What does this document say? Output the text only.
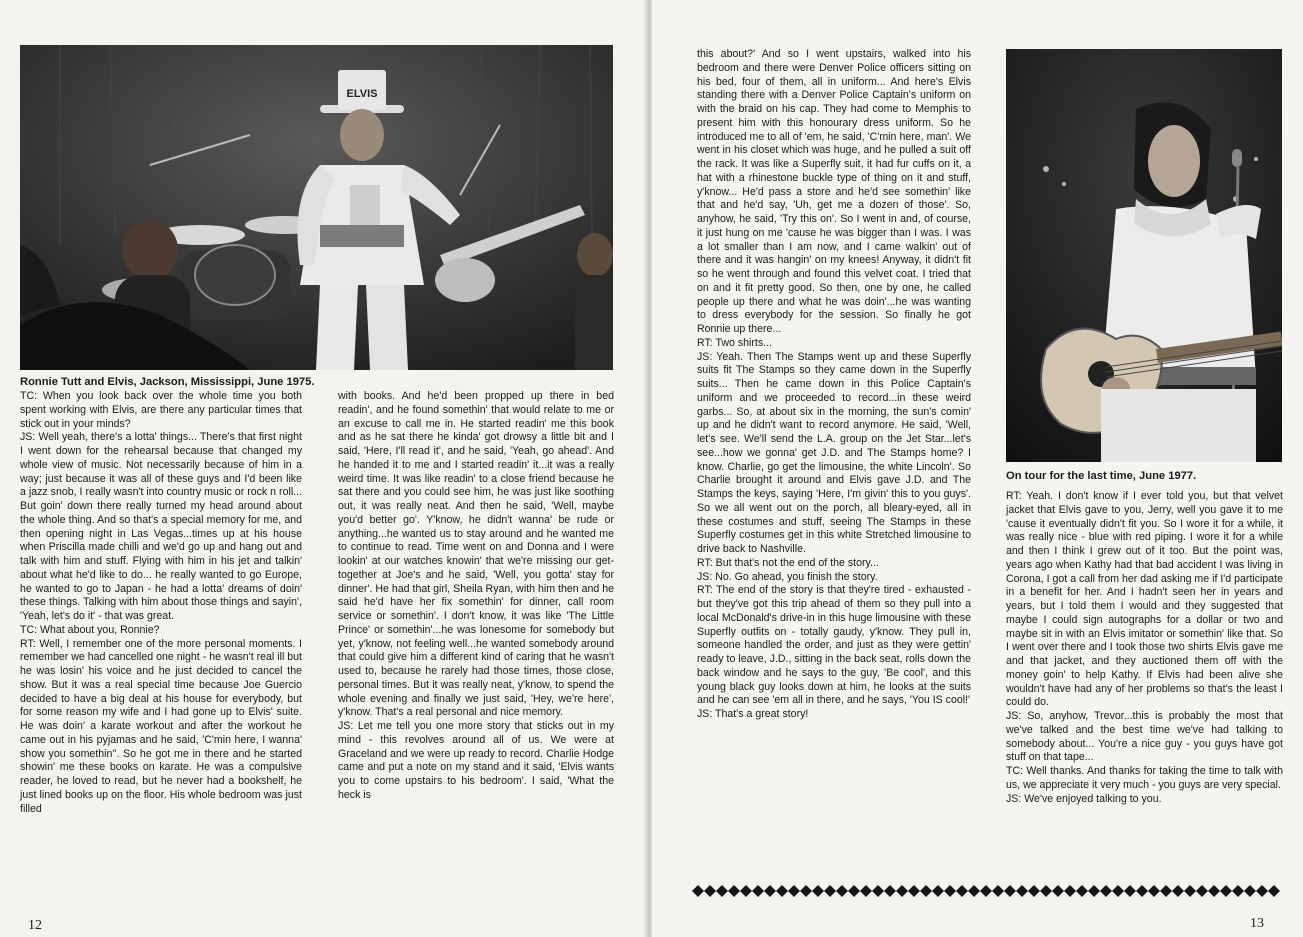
ELVIS
Ronnie Tutt and Elvis, Jackson, Mississippi, June 1975.

TC: When you look back over the whole time you both spent working with Elvis, are there any particular times that stick out in your minds?

JS: Well yeah, there's a lotta' things... There's that first night I went down for the rehearsal because that changed my whole view of music. Not necessarily because of him in a way; just because it was all of these guys and I'd been like a jazz snob, I really wasn't into country music or rock n roll... But goin' down there really turned my head around about the whole thing. And so that's a special memory for me, and then opening night in Las Vegas...times up at his house when Priscilla made chilli and we'd go up and hang out and talk with him and stuff. Flying with him in his jet and talkin' about what he'd like to do... he really wanted to go Europe, he wanted to go to Japan - he had a lotta' dreams of doin' these things. Talking with him about those things and sayin', 'Yeah, let's do it' - that was great.

TC: What about you, Ronnie?

RT: Well, I remember one of the more personal moments. I remember we had cancelled one night - he wasn't real ill but he was losin' his voice and he just decided to cancel the show. But it was a real special time because Joe Guercio decided to have a big deal at his house for everybody, but for some reason my wife and I had gone up to Elvis' suite. He was doin' a karate workout and after the workout he came out in his pyjamas and he said, 'C'min here, I wanna' show you somethin''. So he got me in there and he started showin' me these books on karate. He was a compulsive reader, he loved to read, but he never had a bookshelf, he just lined books up on the floor. His whole bedroom was just filled

with books. And he'd been propped up there in bed readin', and he found somethin' that would relate to me or an excuse to call me in. He started readin' me this book and as he sat there he kinda' got drowsy a little bit and I said, 'Here, I'll read it', and he said, 'Yeah, go ahead'. And he handed it to me and I started readin' it...it was a really weird time. It was like readin' to a close friend because he sat there and you could see him, he was just like soothing out, it was really neat. And then he said, 'Well, maybe you'd better go'. Y'know, he didn't wanna' be rude or anything...he wanted us to stay around and he wanted me to continue to read. Time went on and Donna and I were lookin' at our watches knowin' that we're missing our get-together at Joe's and he said, 'Well, you gotta' stay for dinner'. He had that girl, Sheila Ryan, with him then and he said he'd have her fix somethin' for dinner, call room service or somethin'. I don't know, it was like 'The Little Prince' or somethin'...he was lonesome for somebody but yet, y'know, not feeling well...he wanted somebody around that could give him a different kind of caring that he wasn't used to, because he rarely had those times, those close, personal times. But it was really neat, y'know, to spend the whole evening and finally we just said, 'Hey, we're here', y'know. That's a real personal and nice memory.

JS: Let me tell you one more story that sticks out in my mind - this revolves around all of us. We were at Graceland and we were up ready to record. Charlie Hodge came and put a note on my stand and it said, 'Elvis wants you to come upstairs to his bedroom'. I said, 'What the heck is

12

this about?' And so I went upstairs, walked into his bedroom and there were Denver Police officers sitting on his bed, four of them, all in uniform... And here's Elvis standing there with a Denver Police Captain's uniform on with the braid on his cap. They had come to Memphis to present him with this honourary dress uniform. So he introduced me to all of 'em, he said, 'C'min here, man'. We went in his closet which was huge, and he pulled a suit off the rack. It was like a Superfly suit, it had fur cuffs on it, a hat with a rhinestone buckle type of thing on it and stuff, y'know... He'd pass a store and he'd see somethin' like that and he'd say, 'Uh, get me a dozen of those'. So, anyhow, he said, 'Try this on'. So I went in and, of course, it just hung on me 'cause he was bigger than I was. I was a lot smaller than I am now, and I came walkin' out of there and it was hangin' on my knees! Anyway, it didn't fit so he went through and found this velvet coat. I tried that on and it fit pretty good. So then, one by one, he called people up there and what he was doin'...he was wanting to dress everybody for the session. So finally he got Ronnie up there...

RT: Two shirts...

JS: Yeah. Then The Stamps went up and these Superfly suits fit The Stamps so they came down in the Superfly suits... Then he came down in this Police Captain's uniform and we proceeded to record...in these weird garbs... So, at about six in the morning, the sun's comin' up and he didn't want to record anymore. He said, 'Well, let's see. We'll send the L.A. group on the Jet Star...let's see...how we gonna' get J.D. and The Stamps home? I know. Charlie, go get the limousine, the white Lincoln'. So Charlie brought it around and Elvis gave J.D. and The Stamps the keys, saying 'Here, I'm givin' this to you guys'. So we all went out on the porch, all bleary-eyed, all in these costumes and stuff, seeing The Stamps in these Superfly costumes get in this white Stretched limousine to drive back to Nashville.

RT: But that's not the end of the story...

JS: No. Go ahead, you finish the story.

RT: The end of the story is that they're tired - exhausted - but they've got this trip ahead of them so they pull into a local McDonald's drive-in in this huge limousine with these Superfly outfits on - totally gaudy, y'know. They pull in, someone handled the order, and just as they were gettin' ready to leave, J.D., sitting in the back seat, rolls down the back window and he says to the guy, 'Be cool', and this young black guy looks down at him, he looks at the suits and he can see 'em all in there, and he says, 'You IS cool!'

JS: That's a great story!

On tour for the last time, June 1977.

RT: Yeah. I don't know if I ever told you, but that velvet jacket that Elvis gave to you, Jerry, well you gave it to me 'cause it eventually didn't fit you. So I wore it for a while, it was really nice - blue with red piping. I wore it for a while and then I think I grew out of it too. But the point was, years ago when Kathy had that bad accident I was living in Corona, I got a call from her dad asking me if I'd participate in a benefit for her. And I hadn't seen her in years and years, but I told them I would and they suggested that maybe I could sign autographs for a dollar or two and maybe sit in with an Elvis imitator or somethin' like that. So I went over there and I took those two shirts Elvis gave me and that jacket, and they auctioned them off with the money goin' to help Kathy. If Elvis had been alive she wouldn't have had any of her problems so that's the least I could do.

JS: So, anyhow, Trevor...this is probably the most that we've talked and the best time we've had talking to somebody about... You're a nice guy - you guys have got stuff on that tape...

TC: Well thanks. And thanks for taking the time to talk with us, we appreciate it very much - you guys are very special.

JS: We've enjoyed talking to you.

13
